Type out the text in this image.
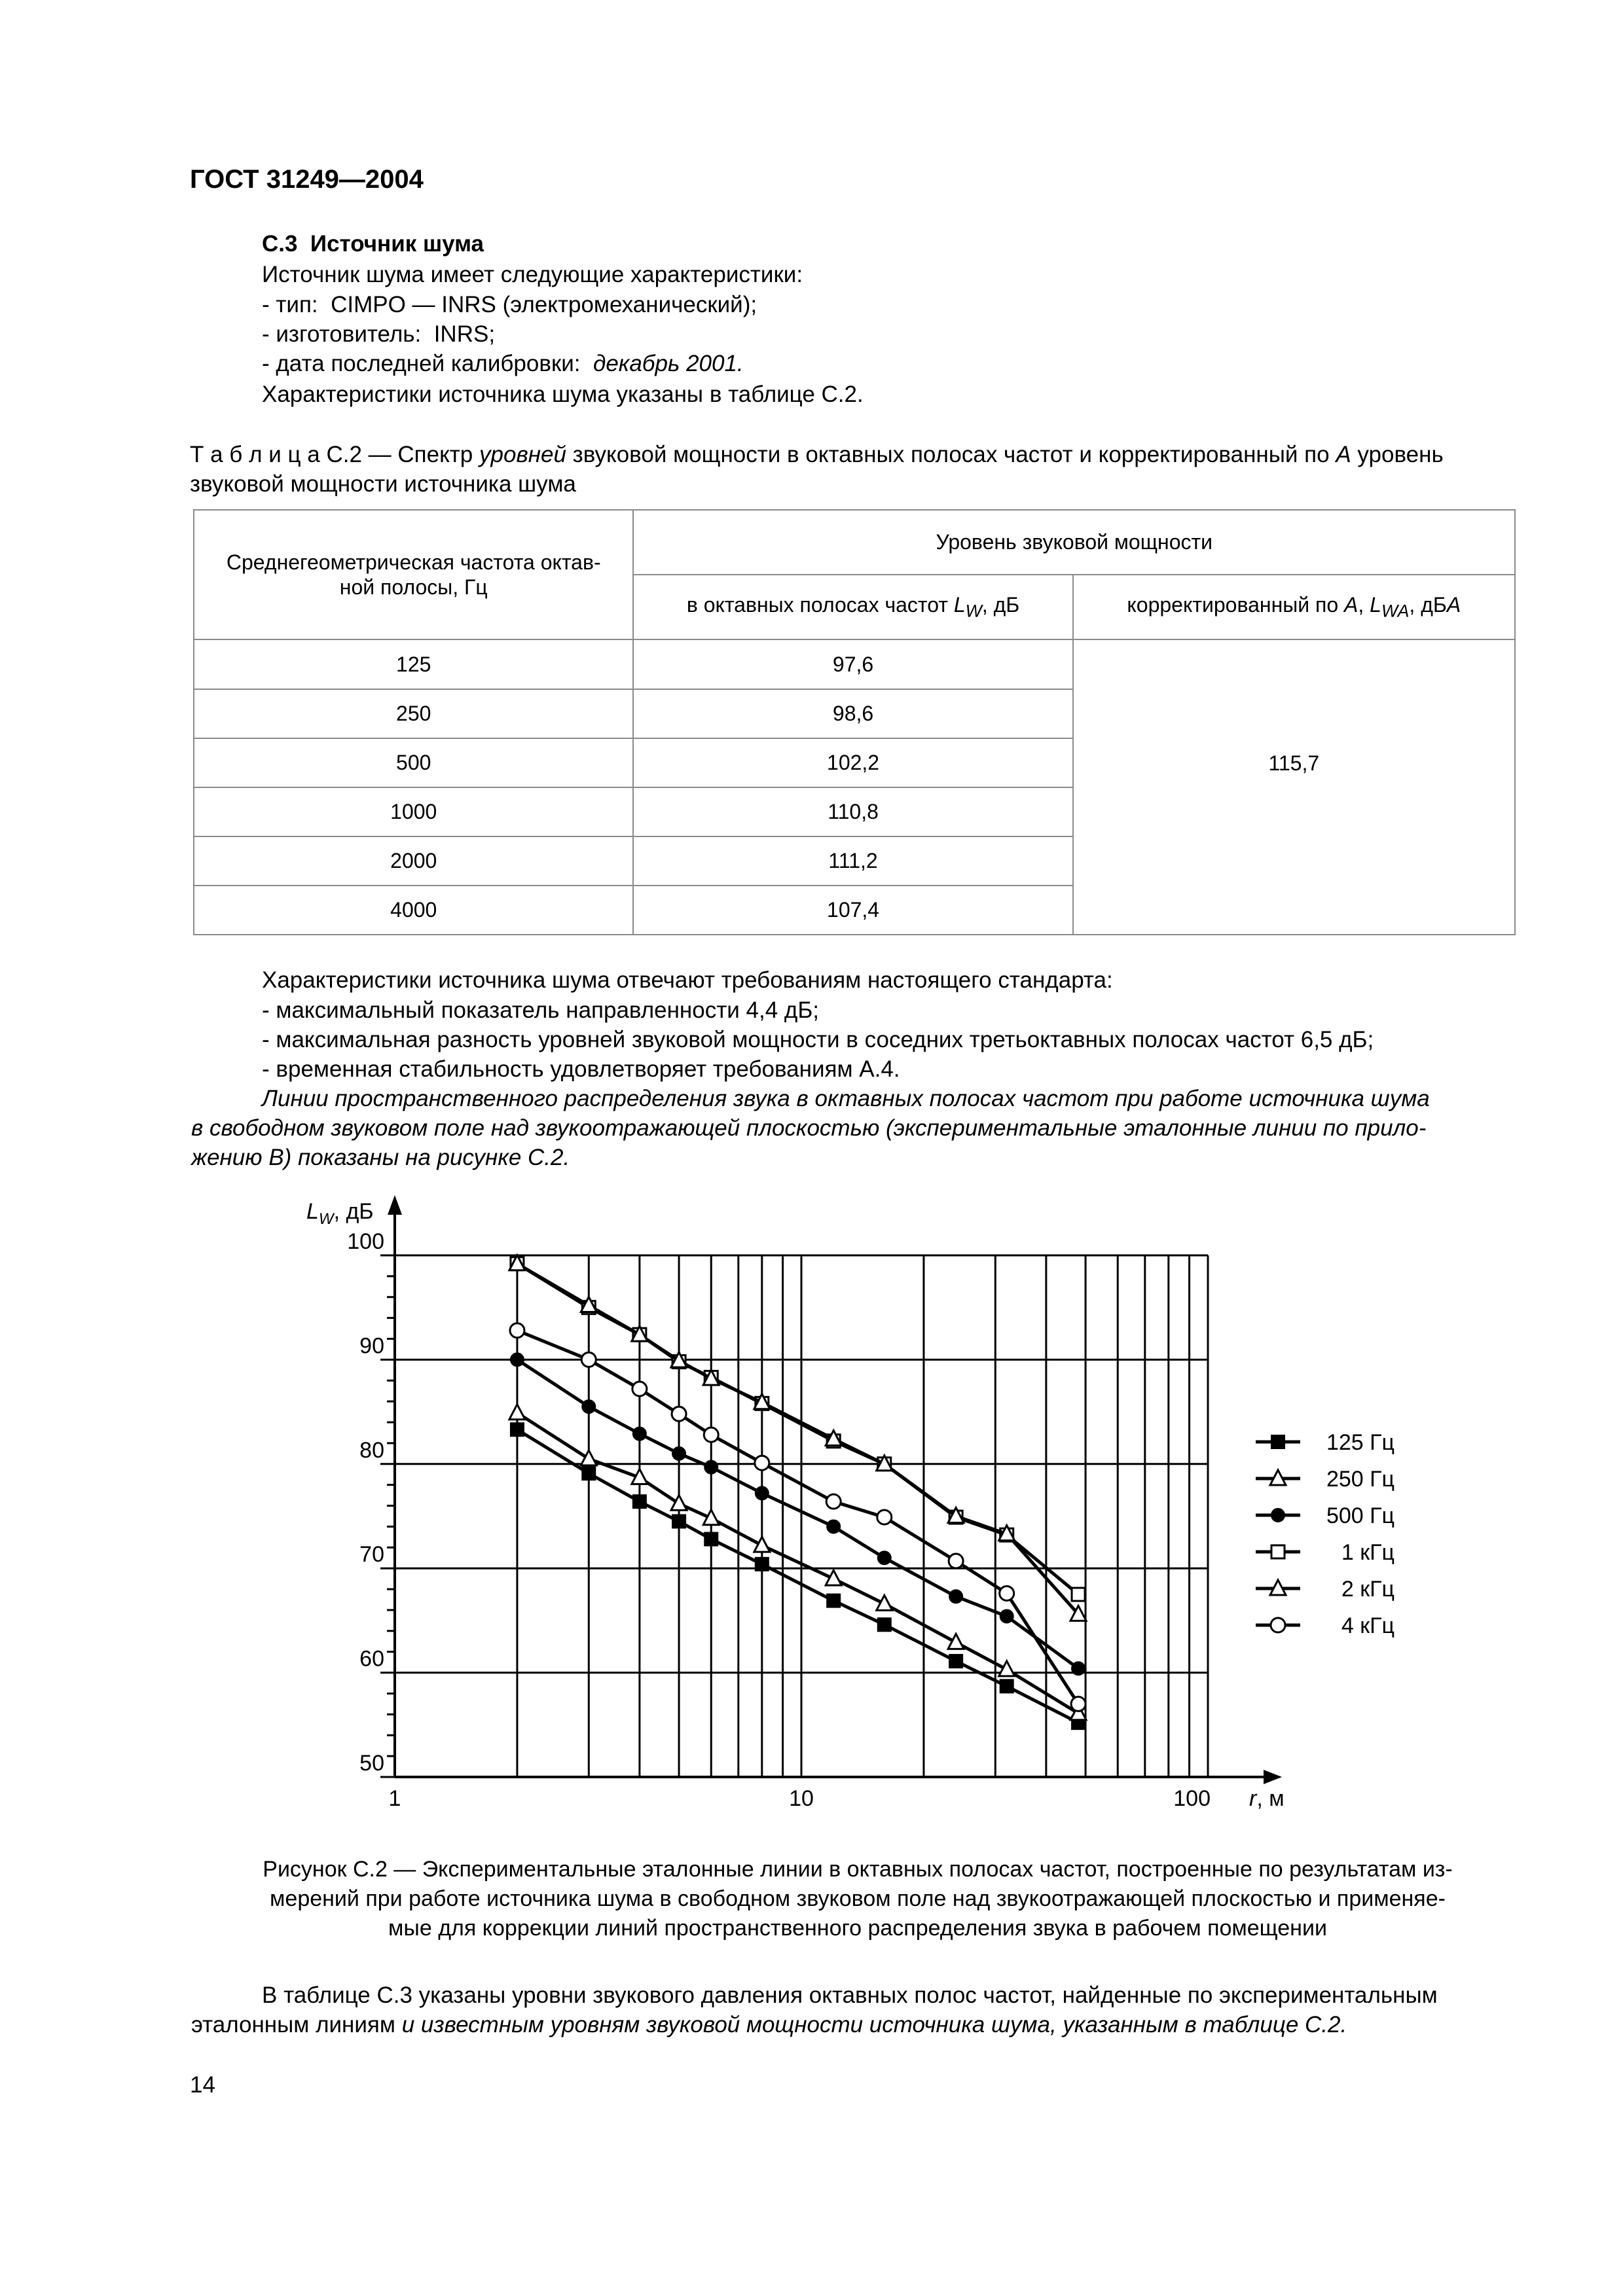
ГОСТ 31249—2004
С.3 Источник шума
Источник шума имеет следующие характеристики:
- тип: CIMPO — INRS (электромеханический);
- изготовитель: INRS;
- дата последней калибровки: декабрь 2001.
Характеристики источника шума указаны в таблице С.2.
Т а б л и ц а С.2 — Спектр уровней звуковой мощности в октавных полосах частот и корректированный по А уровень
звуковой мощности источника шума
Среднегеометрическая частота октав-
ной полосы, Гц	Уровень звуковой мощности	
	в октавных полосах частот $L_W$, дБ	корректированный по А, $L_{WA}$, дБА
125	97,6	115,7
250	98,6	
500	102,2	
1000	110,8	
2000	111,2	
4000	107,4	
Характеристики источника шума отвечают требованиям настоящего стандарта:
- максимальный показатель направленности 4,4 дБ;
- максимальная разность уровней звуковой мощности в соседних третьоктавных полосах частот 6,5 дБ;
- временная стабильность удовлетворяет требованиям А.4.
Линии пространственного распределения звука в октавных полосах частот при работе источника шума
в свободном звуковом поле над звукоотражающей плоскостью (экспериментальные эталонные линии по прило-
жению В) показаны на рисунке С.2.
50
60
70
80
90
100
1	10	100 r, м
$L_W$, дБ
125 Гц
250 Гц
500 Гц
1 кГц
2 кГц
4 кГц
Рисунок С.2 — Экспериментальные эталонные линии в октавных полосах частот, построенные по результатам из-
мерений при работе источника шума в свободном звуковом поле над звукоотражающей плоскостью и применяе-
мые для коррекции линий пространственного распределения звука в рабочем помещении
В таблице С.3 указаны уровни звукового давления октавных полос частот, найденные по экспериментальным
эталонным линиям и известным уровням звуковой мощности источника шума, указанным в таблице С.2.
14
